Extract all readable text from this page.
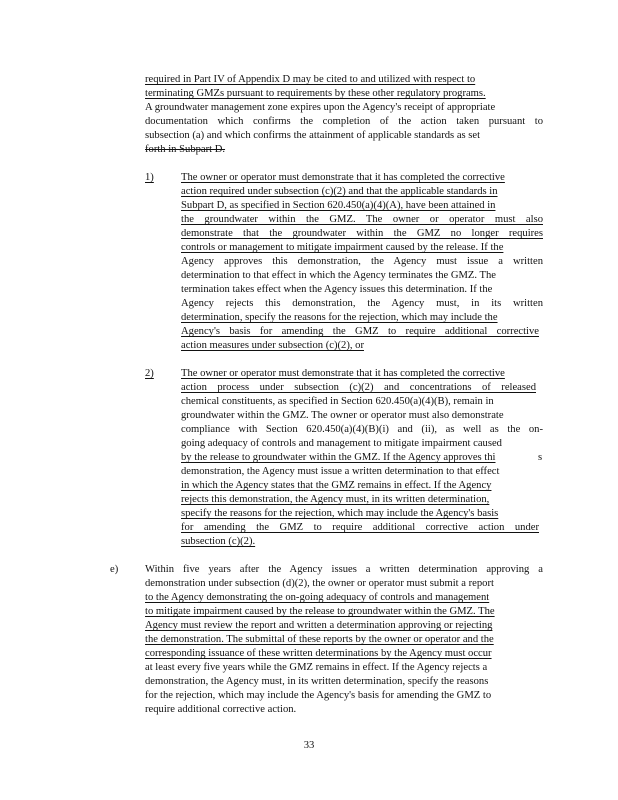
required in Part IV of Appendix D may be cited to and utilized with respect to
terminating GMZs pursuant to requirements by these other regulatory programs.
A groundwater management zone expires upon the Agency's receipt of appropriate
documentation which confirms the completion of the action taken pursuant to
subsection (a) and which confirms the attainment of applicable standards as set
forth in Subpart D.
1)	The owner or operator must demonstrate that it has completed the corrective
action required under subsection (c)(2) and that the applicable standards in
Subpart D, as specified in Section 620.450(a)(4)(A), have been attained in
the groundwater within the GMZ. The owner or operator must also
demonstrate that the groundwater within the GMZ no longer requires
controls or management to mitigate impairment caused by the release. If the
Agency approves this demonstration, the Agency must issue a written
determination to that effect in which the Agency terminates the GMZ. The
termination takes effect when the Agency issues this determination. If the
Agency rejects this demonstration, the Agency must, in its written
determination, specify the reasons for the rejection, which may include the
Agency's basis for amending the GMZ to require additional corrective
action measures under subsection (c)(2), or
2)	The owner or operator must demonstrate that it has completed the corrective
action process under subsection (c)(2) and concentrations of released
chemical constituents, as specified in Section 620.450(a)(4)(B), remain in
groundwater within the GMZ. The owner or operator must also demonstrate
compliance with Section 620.450(a)(4)(B)(i) and (ii), as well as the on-
going adequacy of controls and management to mitigate impairment caused
by the release to groundwater within the GMZ. If the Agency approves thi	s
demonstration, the Agency must issue a written determination to that effect
in which the Agency states that the GMZ remains in effect. If the Agency
rejects this demonstration, the Agency must, in its written determination,
specify the reasons for the rejection, which may include the Agency's basis
for amending the GMZ to require additional corrective action under
subsection (c)(2).
e)	Within five years after the Agency issues a written determination approving a
demonstration under subsection (d)(2), the owner or operator must submit a report
to the Agency demonstrating the on-going adequacy of controls and management
to mitigate impairment caused by the release to groundwater within the GMZ. The
Agency must review the report and written a determination approving or rejecting
the demonstration. The submittal of these reports by the owner or operator and the
corresponding issuance of these written determinations by the Agency must occur
at least every five years while the GMZ remains in effect. If the Agency rejects a
demonstration, the Agency must, in its written determination, specify the reasons
for the rejection, which may include the Agency's basis for amending the GMZ to
require additional corrective action.
33
